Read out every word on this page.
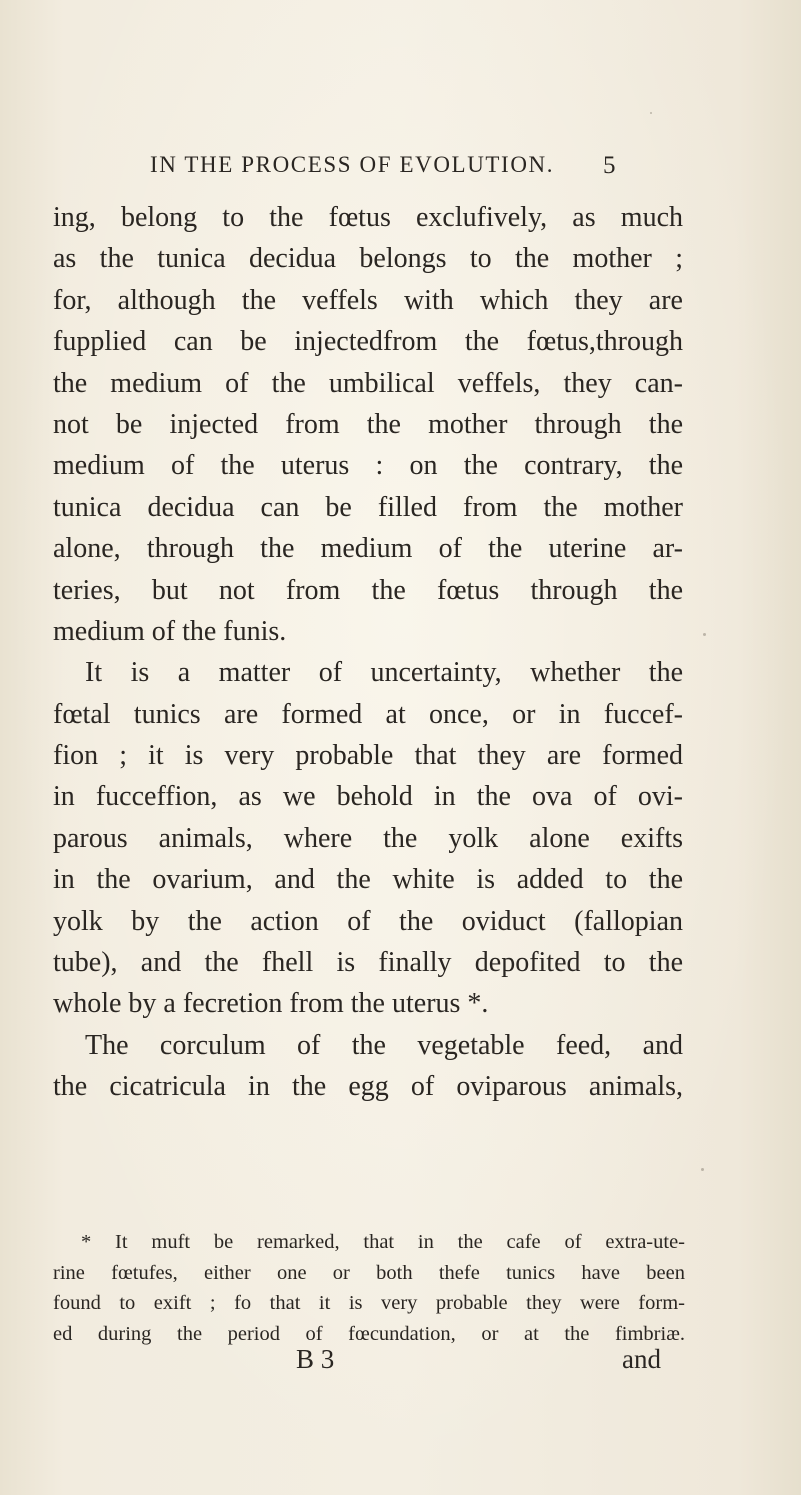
IN THE PROCESS OF EVOLUTION. 5
ing, belong to the fœtus exclufively, as much
as the tunica decidua belongs to the mother ;
for, although the veffels with which they are
fupplied can be injectedfrom the fœtus,through
the medium of the umbilical veffels, they can-
not be injected from the mother through the
medium of the uterus : on the contrary, the
tunica decidua can be filled from the mother
alone, through the medium of the uterine ar-
teries, but not from the fœtus through the
medium of the funis.
It is a matter of uncertainty, whether the
fœtal tunics are formed at once, or in fuccef-
fion ; it is very probable that they are formed
in fucceffion, as we behold in the ova of ovi-
parous animals, where the yolk alone exifts
in the ovarium, and the white is added to the
yolk by the action of the oviduct (fallopian
tube), and the fhell is finally depofited to the
whole by a fecretion from the uterus *.
The corculum of the vegetable feed, and
the cicatricula in the egg of oviparous animals,
* It muft be remarked, that in the cafe of extra-ute-
rine fœtufes, either one or both thefe tunics have been
found to exift ; fo that it is very probable they were form-
ed during the period of fœcundation, or at the fimbriæ.
B 3	and
